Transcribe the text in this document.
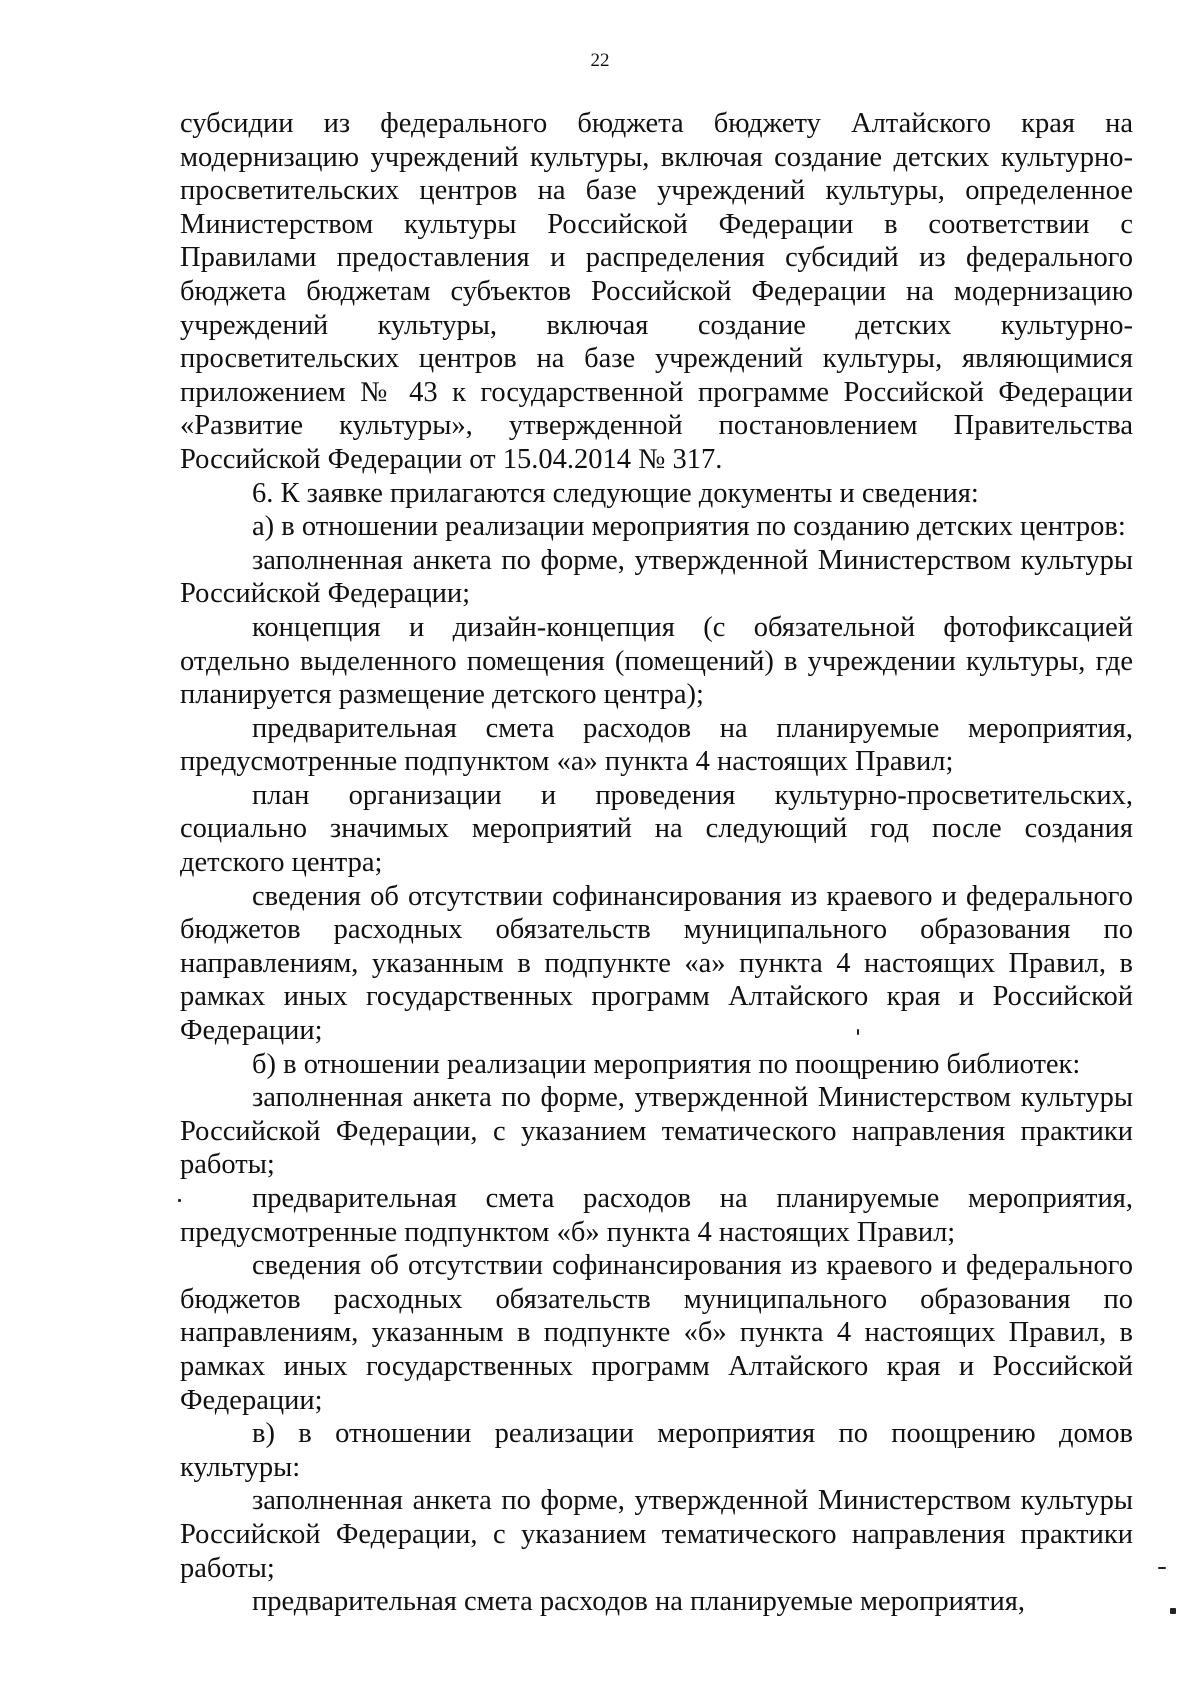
22

субсидии из федерального бюджета бюджету Алтайского края на модернизацию учреждений культуры, включая создание детских культурно-просветительских центров на базе учреждений культуры, определенное Министерством культуры Российской Федерации в соответствии с Правилами предоставления и распределения субсидий из федерального бюджета бюджетам субъектов Российской Федерации на модернизацию учреждений культуры, включая создание детских культурно-просветительских центров на базе учреждений культуры, являющимися приложением № 43 к государственной программе Российской Федерации «Развитие культуры», утвержденной постановлением Правительства Российской Федерации от 15.04.2014 № 317.

6. К заявке прилагаются следующие документы и сведения:

а) в отношении реализации мероприятия по созданию детских центров:

заполненная анкета по форме, утвержденной Министерством культуры Российской Федерации;

концепция и дизайн-концепция (с обязательной фотофиксацией отдельно выделенного помещения (помещений) в учреждении культуры, где планируется размещение детского центра);

предварительная смета расходов на планируемые мероприятия, предусмотренные подпунктом «а» пункта 4 настоящих Правил;

план организации и проведения культурно-просветительских, социально значимых мероприятий на следующий год после создания детского центра;

сведения об отсутствии софинансирования из краевого и федерального бюджетов расходных обязательств муниципального образования по направлениям, указанным в подпункте «а» пункта 4 настоящих Правил, в рамках иных государственных программ Алтайского края и Российской Федерации;

б) в отношении реализации мероприятия по поощрению библиотек:

заполненная анкета по форме, утвержденной Министерством культуры Российской Федерации, с указанием тематического направления практики работы;

предварительная смета расходов на планируемые мероприятия, предусмотренные подпунктом «б» пункта 4 настоящих Правил;

сведения об отсутствии софинансирования из краевого и федерального бюджетов расходных обязательств муниципального образования по направлениям, указанным в подпункте «б» пункта 4 настоящих Правил, в рамках иных государственных программ Алтайского края и Российской Федерации;

в) в отношении реализации мероприятия по поощрению домов культуры:

заполненная анкета по форме, утвержденной Министерством культуры Российской Федерации, с указанием тематического направления практики работы;

предварительная смета расходов на планируемые мероприятия,
